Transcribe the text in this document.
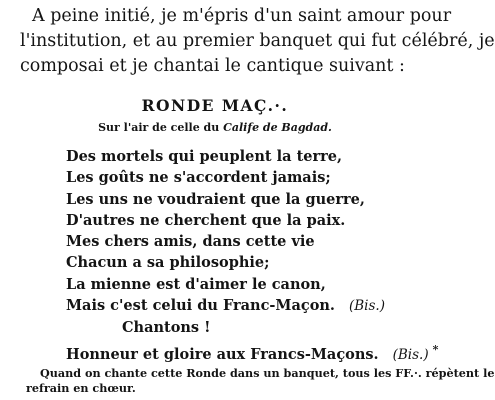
A peine initié, je m'épris d'un saint amour pour
l'institution, et au premier banquet qui fut célébré, je
composai et je chantai le cantique suivant :
RONDE MAÇ.·.
Sur l'air de celle du Calife de Bagdad.
Des mortels qui peuplent la terre,
Les goûts ne s'accordent jamais;
Les uns ne voudraient que la guerre,
D'autres ne cherchent que la paix.
Mes chers amis, dans cette vie
Chacun a sa philosophie;
La mienne est d'aimer le canon,
Mais c'est celui du Franc-Maçon. (Bis.)
Chantons !
Honneur et gloire aux Francs-Maçons. (Bis.) *
Quand on chante cette Ronde dans un banquet, tous les FF.·. répètent le
refrain en chœur.
